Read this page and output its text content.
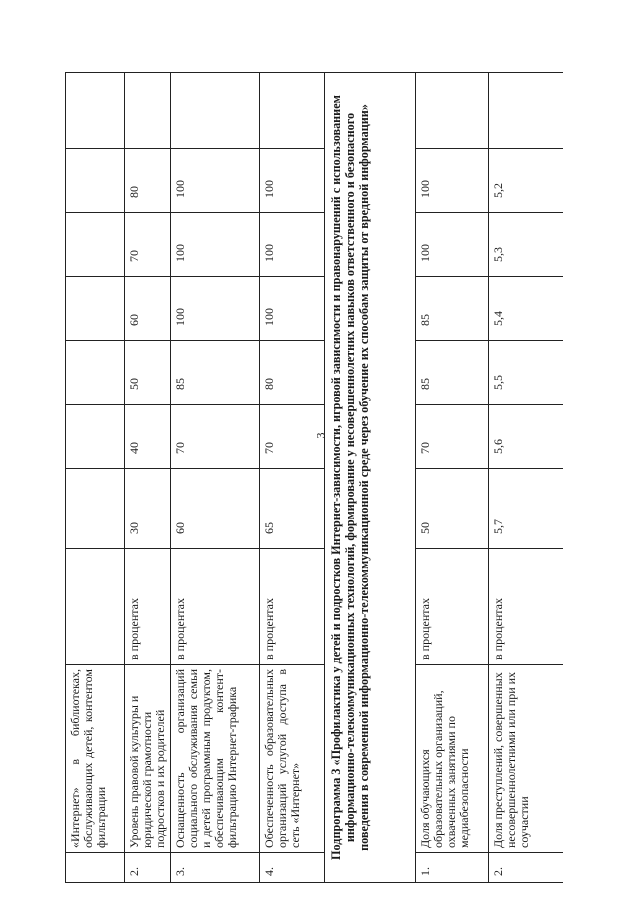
3
	«Интернет» в библиотеках, обслуживающих детей, контентом фильтрации								
2.	Уровень правовой культуры и юридической грамотности подростков и их родителей	в процентах	30	40	50	60	70	80	
3.	Оснащенность организаций социального обслуживания семьи и детей программным продуктом, обеспечивающим контент-фильтрацию Интернет-трафика	в процентах	60	70	85	100	100	100	
4.	Обеспеченность образовательных организаций услугой доступа в сеть «Интернет»	в процентах	65	70	80	100	100	100	
Подпрограмма 3 «Профилактика у детей и подростков Интернет-зависимости, игровой зависимости и правонарушений с использованием информационно-телекоммуникационных технологий, формирование у несовершеннолетних навыков ответственного и безопасного поведения в современной информационно-телекоммуникационной среде через обучение их способам защиты от вредной информации»									
1.	Доля обучающихся образовательных организаций, охваченных занятиями по медиабезопасности	в процентах	50	70	85	85	100	100	
2.	Доля преступлений, совершенных несовершеннолетними или при их соучастии	в процентах	5,7	5,6	5,5	5,4	5,3	5,2	
